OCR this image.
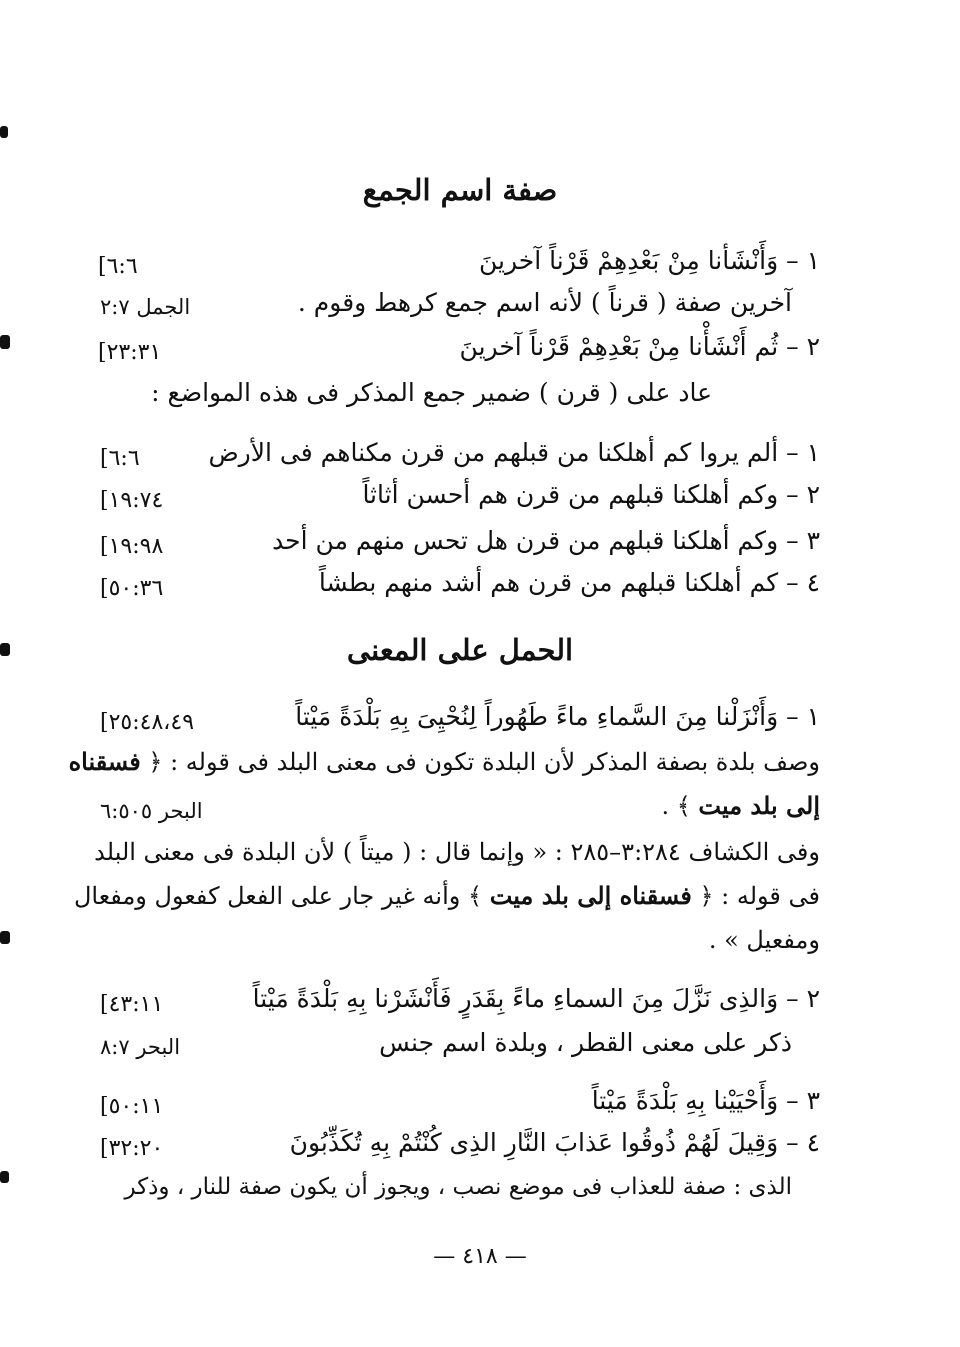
صفة اسم الجمع
١ – وَأَنْشَأنا مِنْ بَعْدِهِمْ قَرْناً آخرينَ
[٦:٦
آخرين صفة ( قرناً ) لأنه اسم جمع كرهط وقوم .
الجمل ٢:٧
٢ – ثُم أَنْشَأْنا مِنْ بَعْدِهِمْ قَرْناً آخرينَ
[٢٣:٣١
عاد على ( قرن ) ضمير جمع المذكر فى هذه المواضع :
١ – ألم يروا كم أهلكنا من قبلهم من قرن مكناهم فى الأرض
[٦:٦
٢ – وكم أهلكنا قبلهم من قرن هم أحسن أثاثاً
[١٩:٧٤
٣ – وكم أهلكنا قبلهم من قرن هل تحس منهم من أحد
[١٩:٩٨
٤ – كم أهلكنا قبلهم من قرن هم أشد منهم بطشاً
[٥٠:٣٦
الحمل على المعنى
١ – وَأَنْزَلْنا مِنَ السَّماءِ ماءً طَهُوراً لِنُحْيِىَ بِهِ بَلْدَةً مَيْتاً
[٢٥:٤٨،٤٩
وصف بلدة بصفة المذكر لأن البلدة تكون فى معنى البلد فى قوله : ﴿ فسقناه
إلى بلد ميت ﴾ .
البحر ٦:٥٠٥
وفى الكشاف ٣:٢٨٤–٢٨٥ : « وإنما قال : ( ميتاً ) لأن البلدة فى معنى البلد
فى قوله : ﴿ فسقناه إلى بلد ميت ﴾ وأنه غير جار على الفعل كفعول ومفعال
ومفعيل » .
٢ – وَالذِى نَزَّلَ مِنَ السماءِ ماءً بِقَدَرٍ فَأَنْشَرْنا بِهِ بَلْدَةً مَيْتاً
[٤٣:١١
ذكر على معنى القطر ، وبلدة اسم جنس
البحر ٨:٧
٣ – وَأَحْيَيْنا بِهِ بَلْدَةً مَيْتاً
[٥٠:١١
٤ – وَقِيلَ لَهُمْ ذُوقُوا عَذابَ النَّارِ الذِى كُنْتُمْ بِهِ تُكَذِّبُونَ
[٣٢:٢٠
الذى : صفة للعذاب فى موضع نصب ، ويجوز أن يكون صفة للنار ، وذكر
— ٤١٨ —
